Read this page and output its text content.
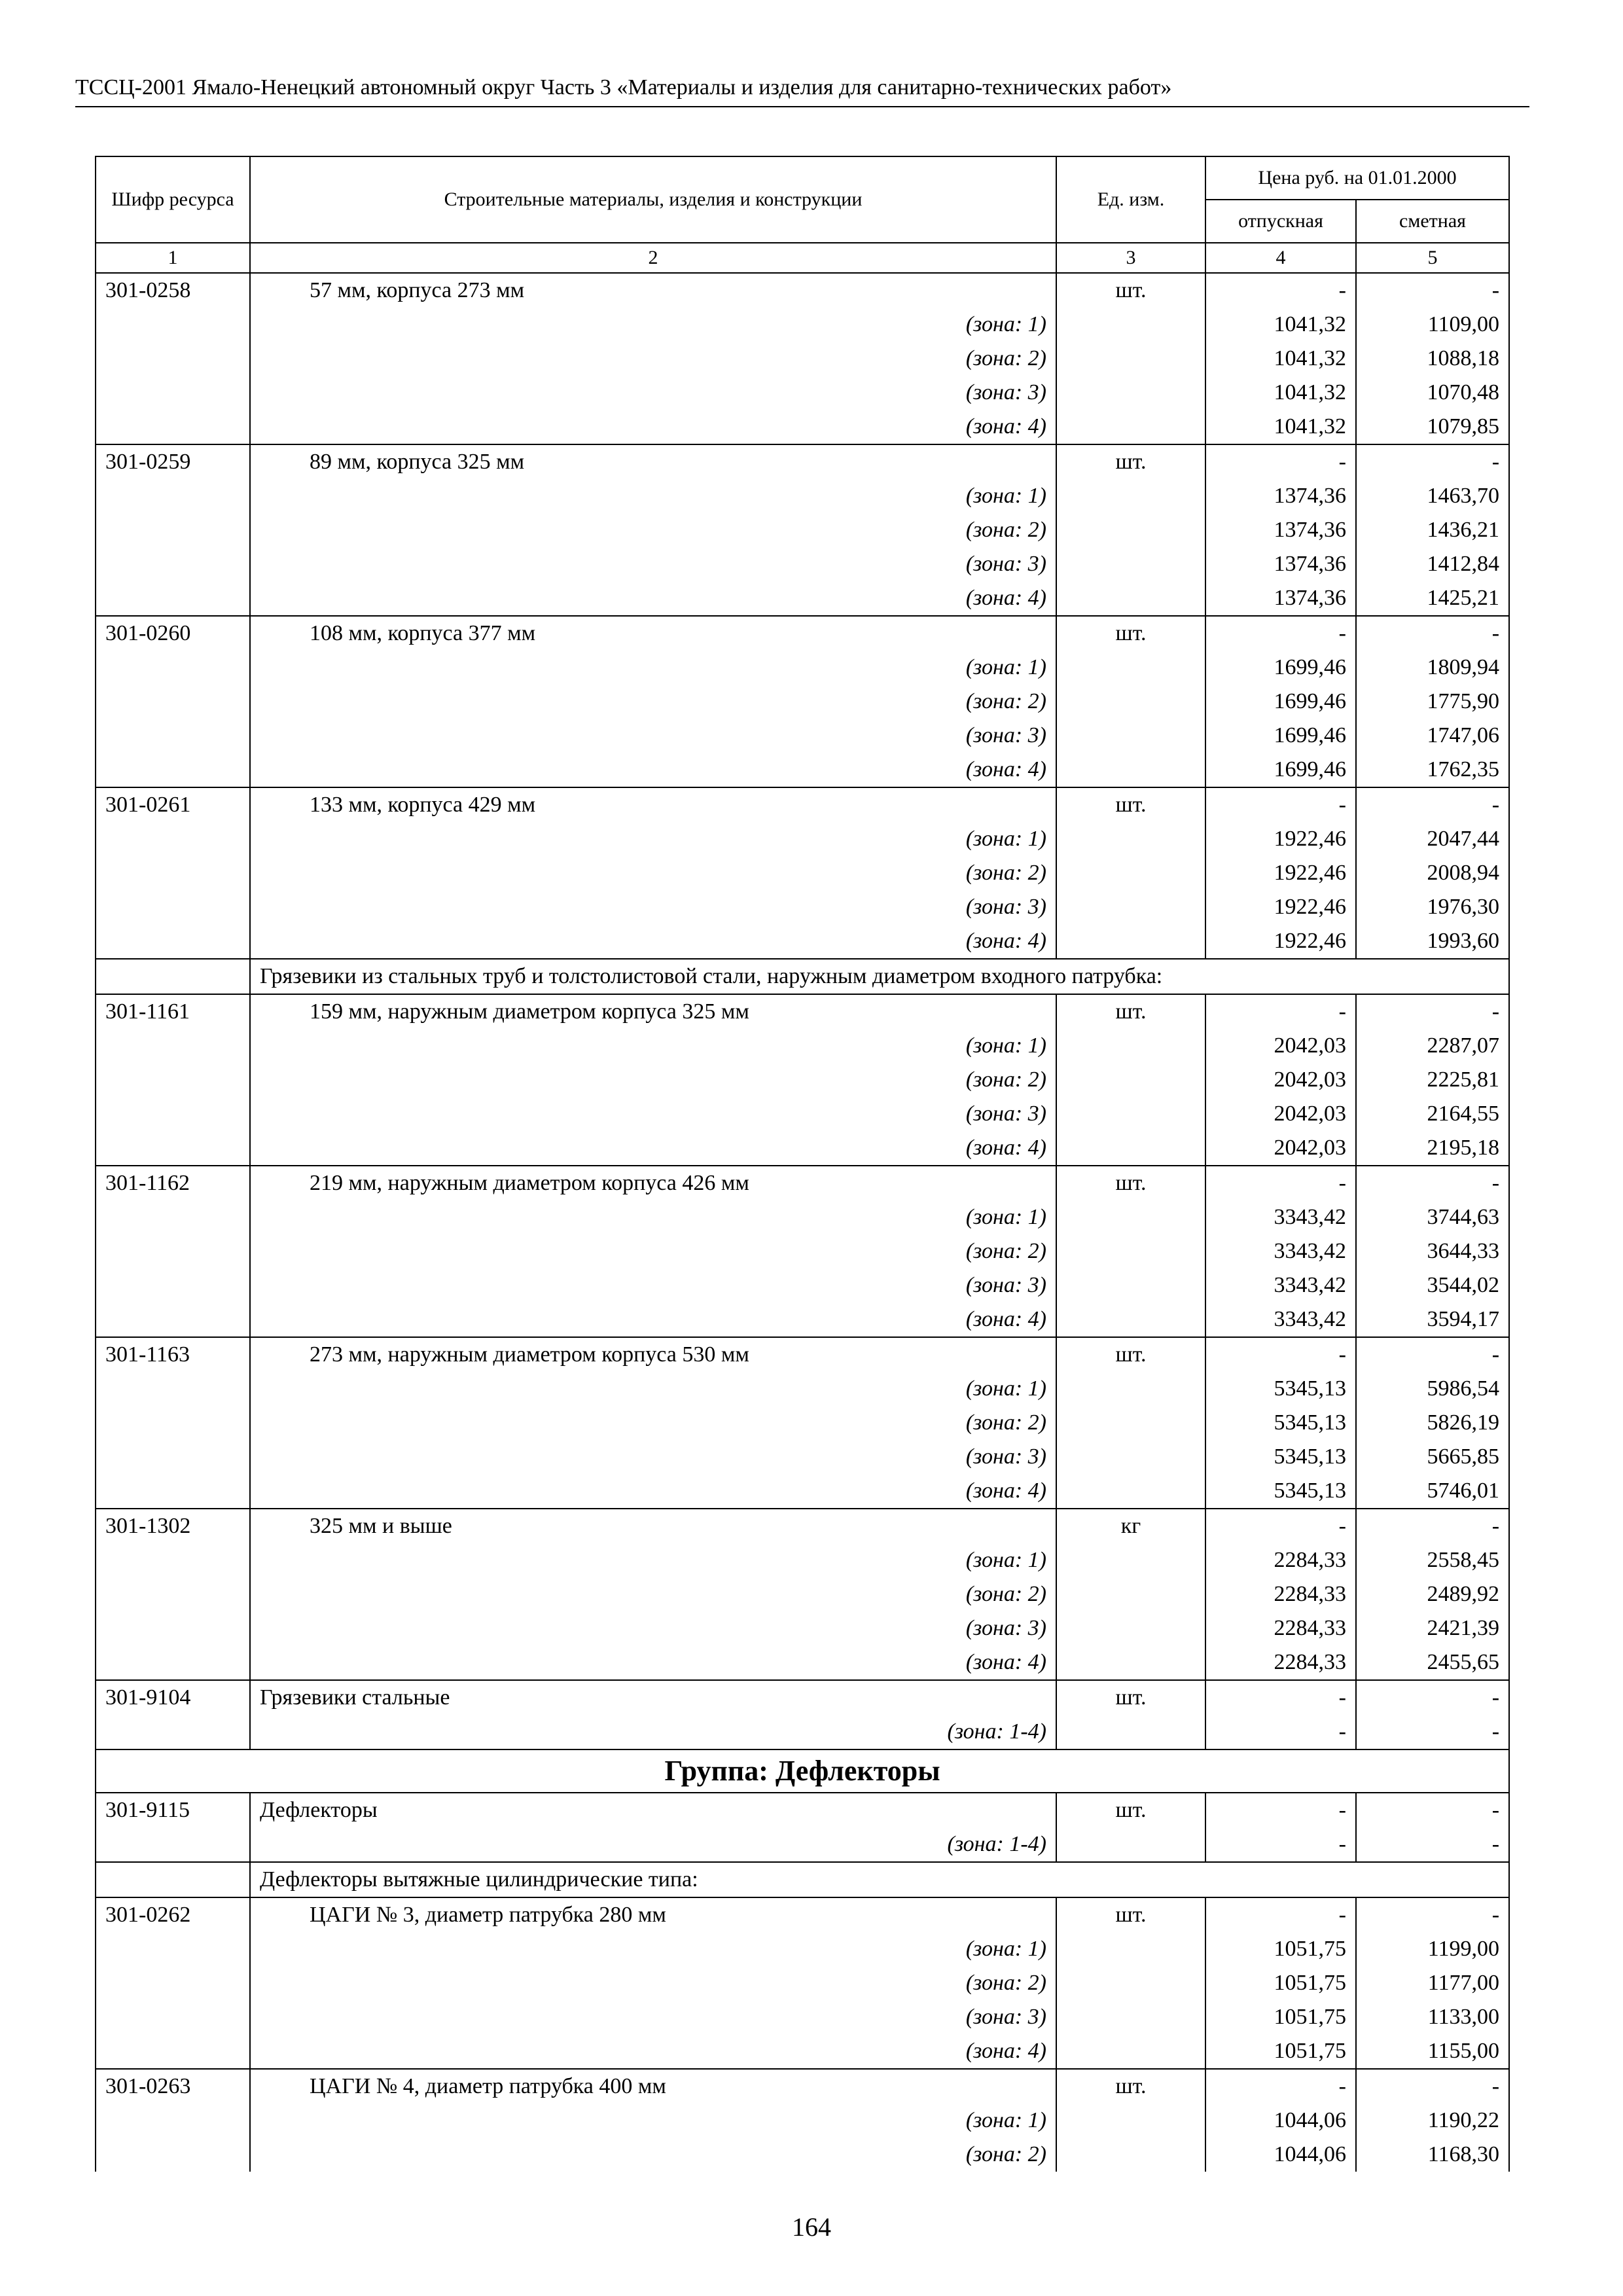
ТССЦ-2001 Ямало-Ненецкий автономный округ Часть 3 «Материалы и изделия для санитарно-технических работ»
Шифр ресурса	Строительные материалы, изделия и конструкции	Ед. изм.	Цена руб. на 01.01.2000	
			отпускная	сметная
1	2	3	4	5
301-0258	57 мм, корпуса 273 мм	шт.	-	-
	(зона: 1)		1041,32	1109,00
	(зона: 2)		1041,32	1088,18
	(зона: 3)		1041,32	1070,48
	(зона: 4)		1041,32	1079,85
301-0259	89 мм, корпуса 325 мм	шт.	-	-
	(зона: 1)		1374,36	1463,70
	(зона: 2)		1374,36	1436,21
	(зона: 3)		1374,36	1412,84
	(зона: 4)		1374,36	1425,21
301-0260	108 мм, корпуса 377 мм	шт.	-	-
	(зона: 1)		1699,46	1809,94
	(зона: 2)		1699,46	1775,90
	(зона: 3)		1699,46	1747,06
	(зона: 4)		1699,46	1762,35
301-0261	133 мм, корпуса 429 мм	шт.	-	-
	(зона: 1)		1922,46	2047,44
	(зона: 2)		1922,46	2008,94
	(зона: 3)		1922,46	1976,30
	(зона: 4)		1922,46	1993,60
	Грязевики из стальных труб и толстолистовой стали, наружным диаметром входного патрубка:			
301-1161	159 мм, наружным диаметром корпуса 325 мм	шт.	-	-
	(зона: 1)		2042,03	2287,07
	(зона: 2)		2042,03	2225,81
	(зона: 3)		2042,03	2164,55
	(зона: 4)		2042,03	2195,18
301-1162	219 мм, наружным диаметром корпуса 426 мм	шт.	-	-
	(зона: 1)		3343,42	3744,63
	(зона: 2)		3343,42	3644,33
	(зона: 3)		3343,42	3544,02
	(зона: 4)		3343,42	3594,17
301-1163	273 мм, наружным диаметром корпуса 530 мм	шт.	-	-
	(зона: 1)		5345,13	5986,54
	(зона: 2)		5345,13	5826,19
	(зона: 3)		5345,13	5665,85
	(зона: 4)		5345,13	5746,01
301-1302	325 мм и выше	кг	-	-
	(зона: 1)		2284,33	2558,45
	(зона: 2)		2284,33	2489,92
	(зона: 3)		2284,33	2421,39
	(зона: 4)		2284,33	2455,65
301-9104	Грязевики стальные	шт.	-	-
	(зона: 1-4)		-	-
Группа: Дефлекторы				
301-9115	Дефлекторы	шт.	-	-
	(зона: 1-4)		-	-
	Дефлекторы вытяжные цилиндрические типа:			
301-0262	ЦАГИ № 3, диаметр патрубка 280 мм	шт.	-	-
	(зона: 1)		1051,75	1199,00
	(зона: 2)		1051,75	1177,00
	(зона: 3)		1051,75	1133,00
	(зона: 4)		1051,75	1155,00
301-0263	ЦАГИ № 4, диаметр патрубка 400 мм	шт.	-	-
	(зона: 1)		1044,06	1190,22
	(зона: 2)		1044,06	1168,30
164
